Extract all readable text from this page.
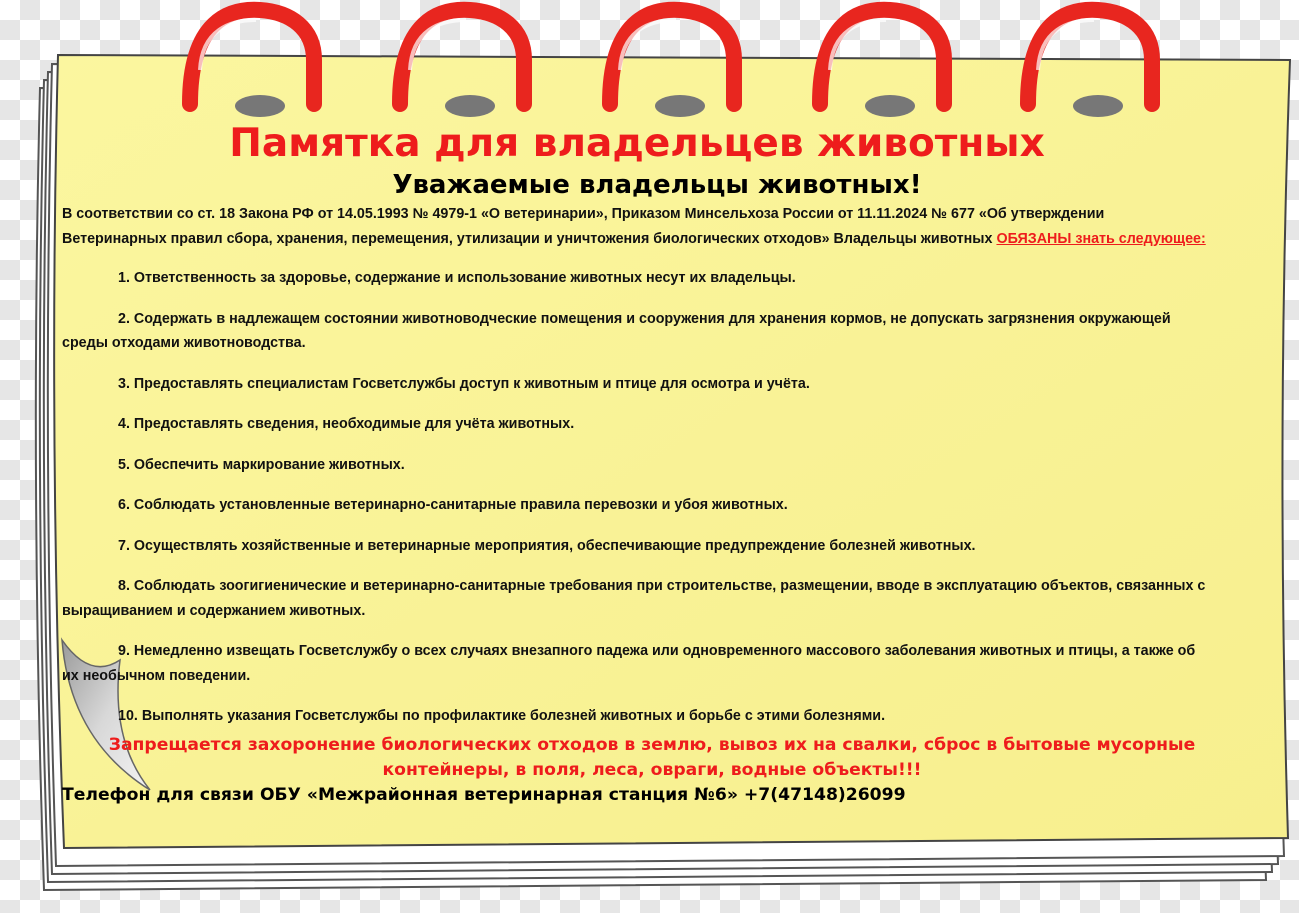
Памятка для владельцев животных
Уважаемые владельцы животных!

В соответствии со ст. 18 Закона РФ от 14.05.1993 № 4979-1 «О ветеринарии», Приказом Минсельхоза России от 11.11.2024 № 677 «Об утверждении Ветеринарных правил сбора, хранения, перемещения, утилизации и уничтожения биологических отходов» Владельцы животных ОБЯЗАНЫ знать следующее:

1. Ответственность за здоровье, содержание и использование животных несут их владельцы.

2. Содержать в надлежащем состоянии животноводческие помещения и сооружения для хранения кормов, не допускать загрязнения окружающей среды отходами животноводства.

3. Предоставлять специалистам Госветслужбы доступ к животным и птице для осмотра и учёта.

4. Предоставлять сведения, необходимые для учёта животных.

5. Обеспечить маркирование животных.

6. Соблюдать установленные ветеринарно-санитарные правила перевозки и убоя животных.

7. Осуществлять хозяйственные и ветеринарные мероприятия, обеспечивающие предупреждение болезней животных.

8. Соблюдать зоогигиенические и ветеринарно-санитарные требования при строительстве, размещении, вводе в эксплуатацию объектов, связанных с выращиванием и содержанием животных.

9. Немедленно извещать Госветслужбу о всех случаях внезапного падежа или одновременного массового заболевания животных и птицы, а также об их необычном поведении.

10. Выполнять указания Госветслужбы по профилактике болезней животных и борьбе с этими болезнями.

Запрещается захоронение биологических отходов в землю, вывоз их на свалки, сброс в бытовые мусорные контейнеры, в поля, леса, овраги, водные объекты!!!

Телефон для связи ОБУ «Межрайонная ветеринарная станция №6» +7(47148)26099
